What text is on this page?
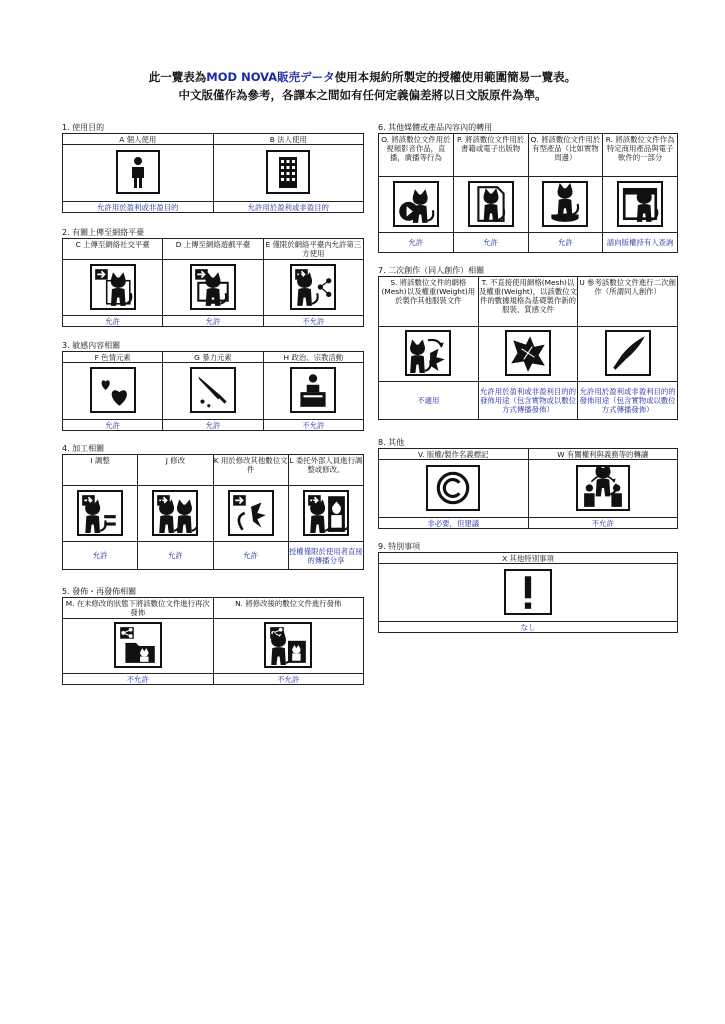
此一覽表為MOD NOVA販売データ使用本規約所製定的授權使用範圍簡易一覽表。
中文版僅作為參考，各譯本之間如有任何定義偏差將以日文版原件為準。
1. 使用目的
A 個人使用	B 法人使用

允許用於盈利或非盈目的	允許用於盈利或非盈目的
2. 有關上傳至網絡平臺
C 上傳至網絡社交平臺	D 上傳至網絡遊戲平臺	E 僅限於網絡平臺內允許第三方使用

允許	允許	不允許
3. 敏感內容相關
F 色情元素	G 暴力元素	H 政治、宗教活動

允許	允許	不允許
4. 加工相關
I 調整	J 修改	K 用於修改其他數位文件	L 委托外部人員進行調整或修改。

允許	允許	允許	授權僅限於使用者直接的傳播分享
5. 發佈・再發佈相關
M. 在未修改的狀態下將該數位文件進行再次發佈	N. 將修改後的數位文件進行發佈

不允許	不允許
6. 其他媒體或產品內容內的轉用
O. 將該數位文件用於視頻影音作品，直播，廣播等行為	P. 將該數位文件用於書籍或電子出版物	Q. 將該數位文件用於有型產品（比如實物周邊）	R. 將該數位文件作為特定商用產品與電子軟件的一部分

允許	允許	允許	請向版權持有人查詢
7. 二次創作（同人創作）相關
S. 將該數位文件的網格(Mesh)以及權重(Weight)用於製作其他服裝文件	T. 不直接使用網格(Mesh)以及權重(Weight)，以該數位文件的數據規格為基礎製作新的服裝、質感文件	U 參考該數位文件進行二次創作（所謂同人創作）

不適用	允許用於盈利或非盈利目的的發佈用途（包含實物或以數位方式傳播發佈）	允許用於盈利或非盈利目的的發佈用途（包含實物或以數位方式傳播發佈）
8. 其他
V. 版權/製作名義標記	W 有關權利與義務等的轉讓

非必要，但建議	不允許
9. 特別事項
X 其他特別事項

なし
